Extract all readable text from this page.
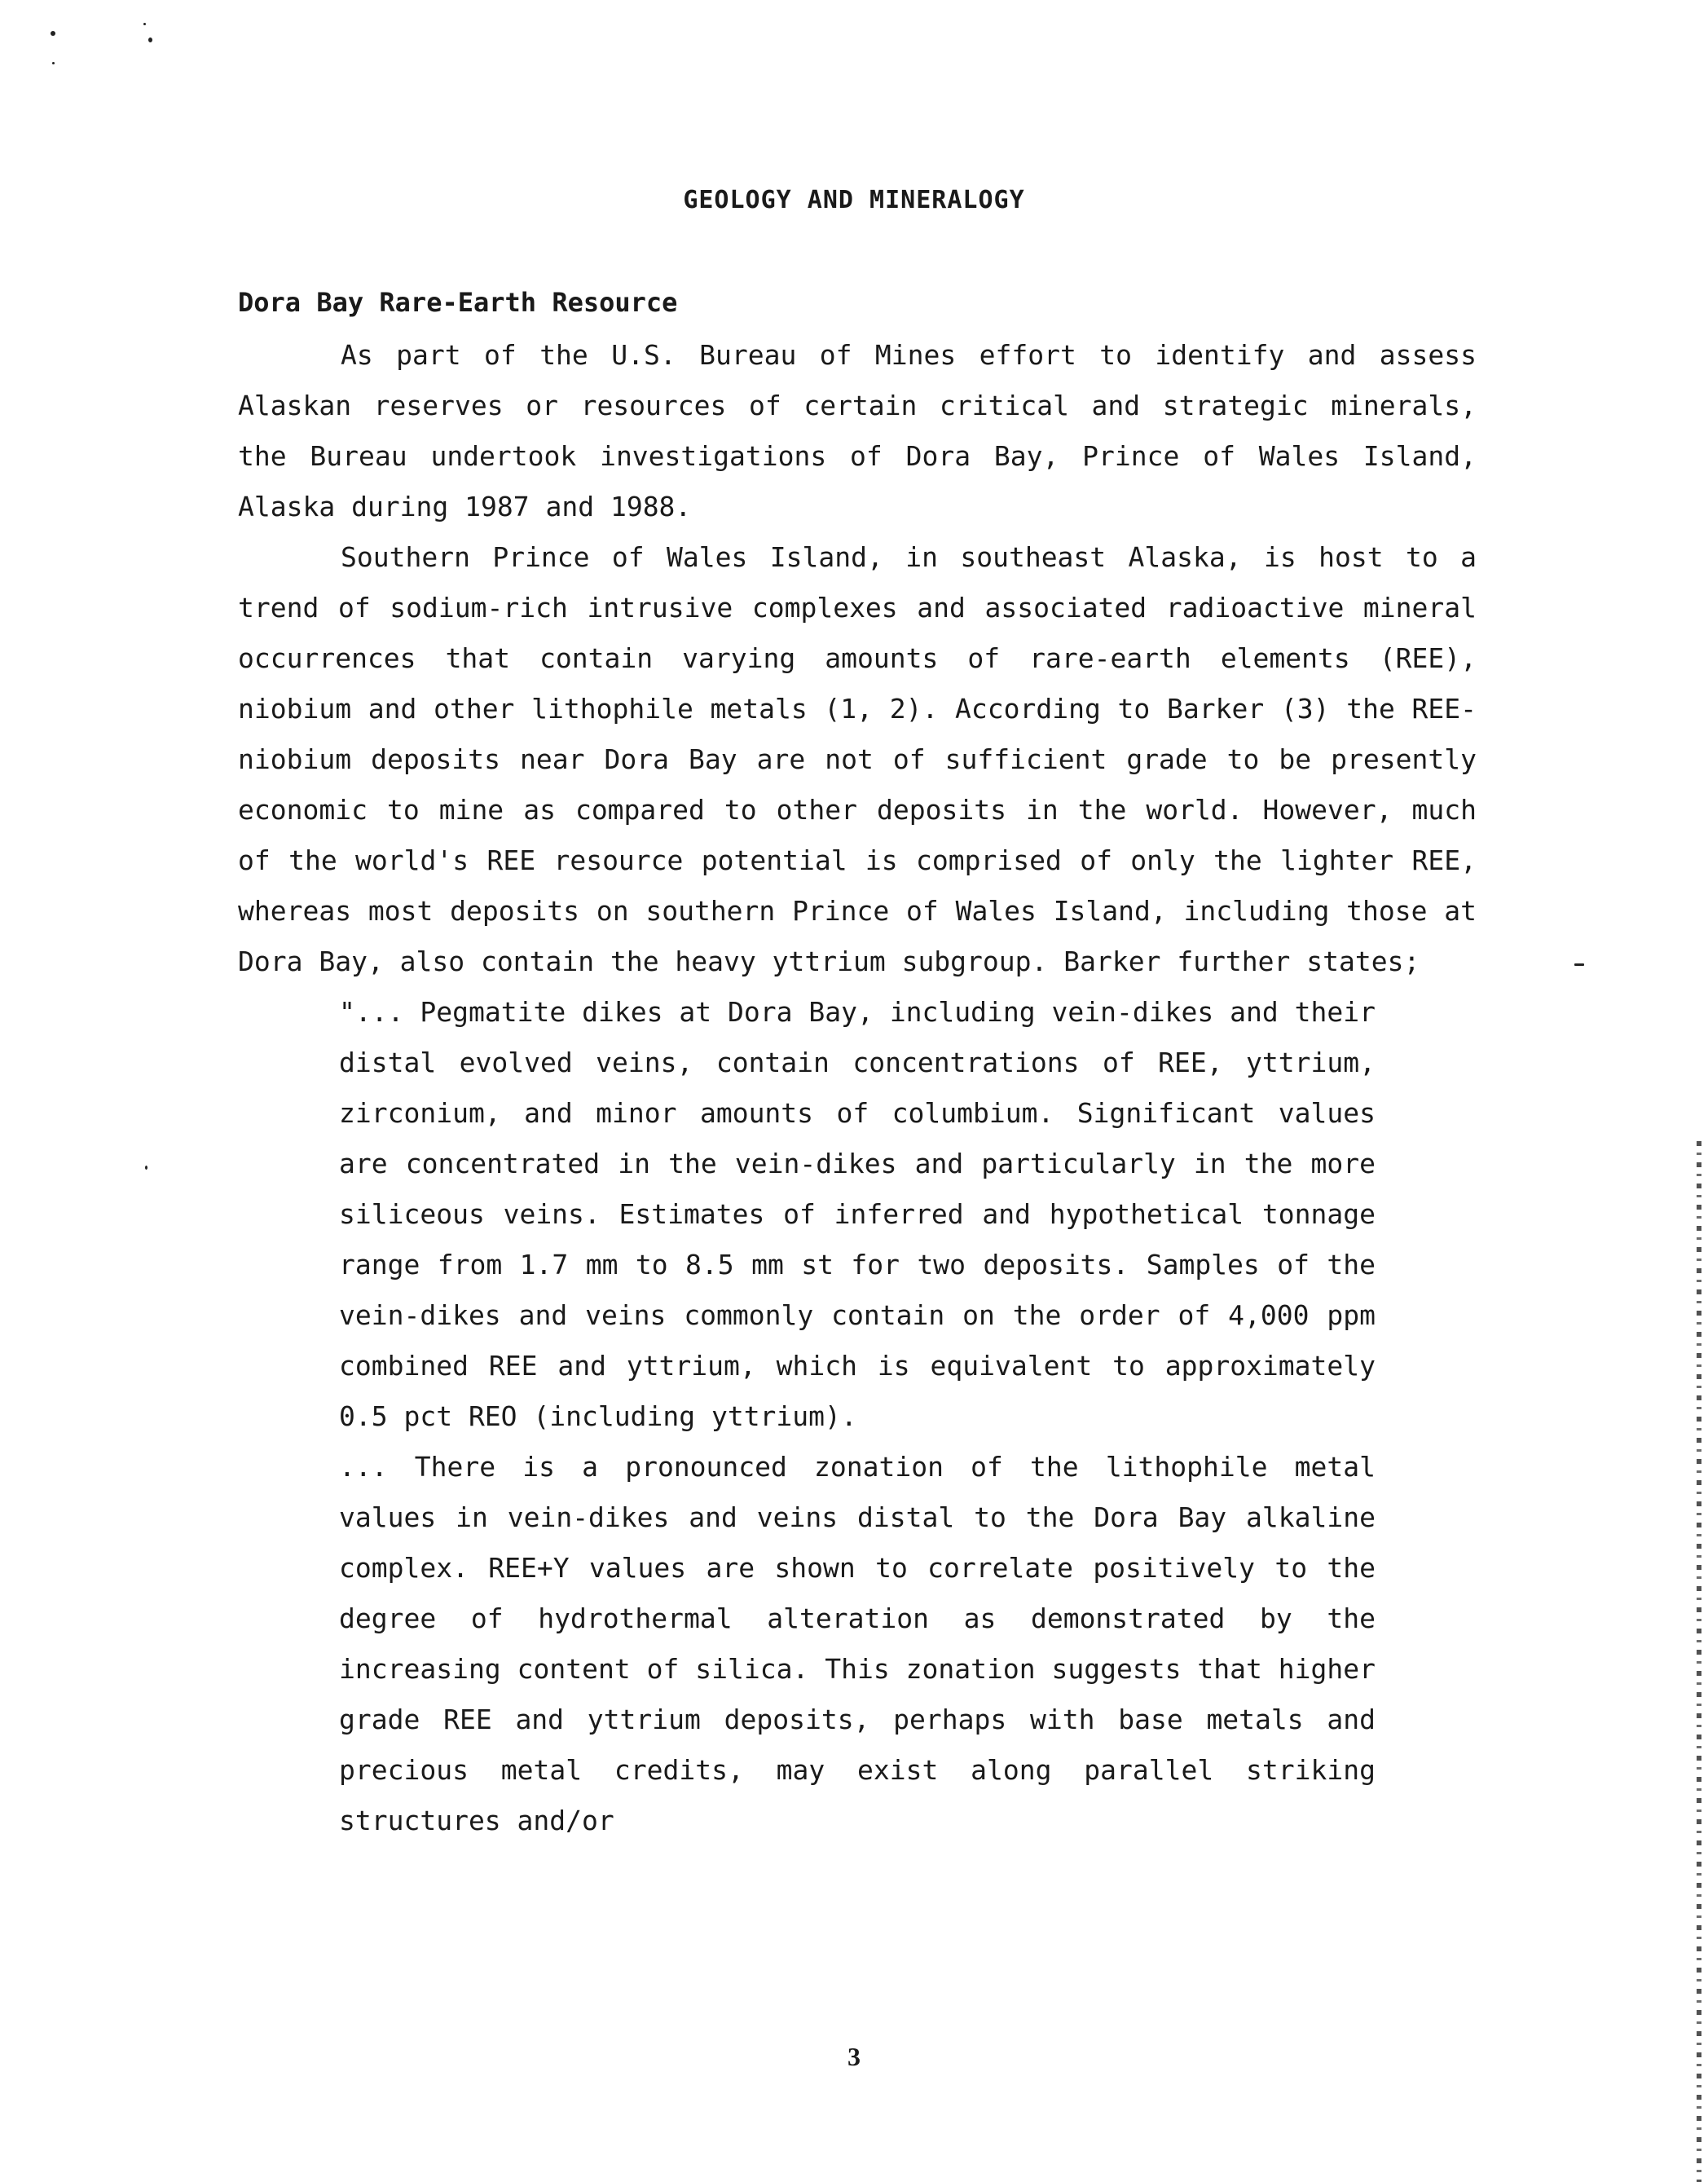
GEOLOGY AND MINERALOGY
Dora Bay Rare-Earth Resource

As part of the U.S. Bureau of Mines effort to identify and assess Alaskan reserves or resources of certain critical and strategic minerals, the Bureau undertook investigations of Dora Bay, Prince of Wales Island, Alaska during 1987 and 1988.

Southern Prince of Wales Island, in southeast Alaska, is host to a trend of sodium-rich intrusive complexes and associated radioactive mineral occurrences that contain varying amounts of rare-earth elements (REE), niobium and other lithophile metals (1, 2). According to Barker (3) the REE-niobium deposits near Dora Bay are not of sufficient grade to be presently economic to mine as compared to other deposits in the world. However, much of the world's REE resource potential is comprised of only the lighter REE, whereas most deposits on southern Prince of Wales Island, including those at Dora Bay, also contain the heavy yttrium subgroup. Barker further states;

"... Pegmatite dikes at Dora Bay, including vein-dikes and their distal evolved veins, contain concentrations of REE, yttrium, zirconium, and minor amounts of columbium. Significant values are concentrated in the vein-dikes and particularly in the more siliceous veins. Estimates of inferred and hypothetical tonnage range from 1.7 mm to 8.5 mm st for two deposits. Samples of the vein-dikes and veins commonly contain on the order of 4,000 ppm combined REE and yttrium, which is equivalent to approximately 0.5 pct REO (including yttrium).

... There is a pronounced zonation of the lithophile metal values in vein-dikes and veins distal to the Dora Bay alkaline complex. REE+Y values are shown to correlate positively to the degree of hydrothermal alteration as demonstrated by the increasing content of silica. This zonation suggests that higher grade REE and yttrium deposits, perhaps with base metals and precious metal credits, may exist along parallel striking structures and/or

3
